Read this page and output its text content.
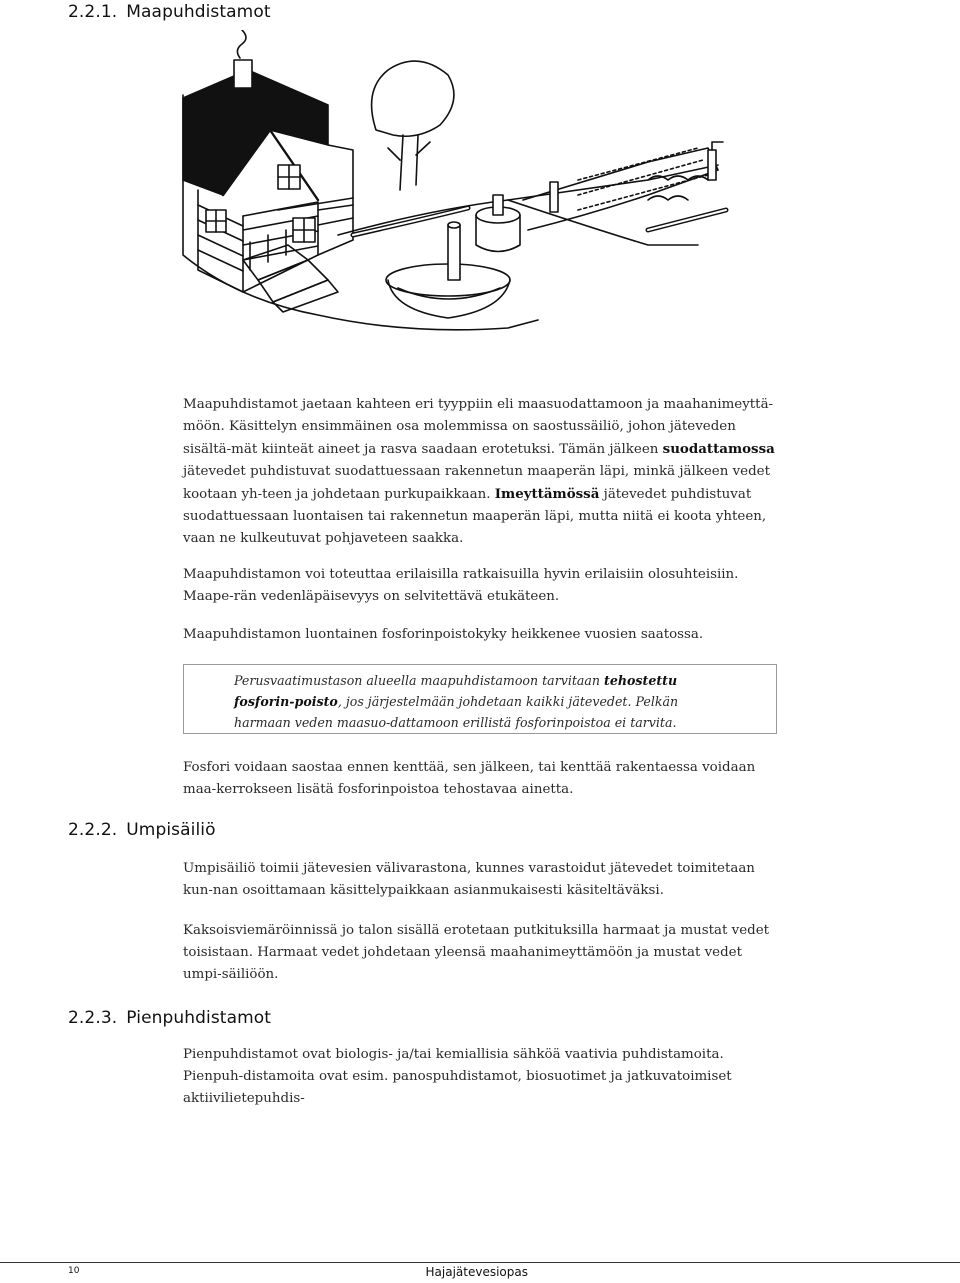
2.2.1. Maapuhdistamot

Maapuhdistamot jaetaan kahteen eri tyyppiin eli maasuodattamoon ja maahanimeyttä-möön. Käsittelyn ensimmäinen osa molemmissa on saostussäiliö, johon jäteveden sisältä-mät kiinteät aineet ja rasva saadaan erotetuksi. Tämän jälkeen suodattamossa jätevedet puhdistuvat suodattuessaan rakennetun maaperän läpi, minkä jälkeen vedet kootaan yh-teen ja johdetaan purkupaikkaan. Imeyttämössä jätevedet puhdistuvat suodattuessaan luontaisen tai rakennetun maaperän läpi, mutta niitä ei koota yhteen, vaan ne kulkeutuvat pohjaveteen saakka.

Maapuhdistamon voi toteuttaa erilaisilla ratkaisuilla hyvin erilaisiin olosuhteisiin. Maape-rän vedenläpäisevyys on selvitettävä etukäteen.

Maapuhdistamon luontainen fosforinpoistokyky heikkenee vuosien saatossa.

Perusvaatimustason alueella maapuhdistamoon tarvitaan tehostettu fosforin-poisto, jos järjestelmään johdetaan kaikki jätevedet. Pelkän harmaan veden maasuo-dattamoon erillistä fosforinpoistoa ei tarvita.

Fosfori voidaan saostaa ennen kenttää, sen jälkeen, tai kenttää rakentaessa voidaan maa-kerrokseen lisätä fosforinpoistoa tehostavaa ainetta.

2.2.2. Umpisäiliö

Umpisäiliö toimii jätevesien välivarastona, kunnes varastoidut jätevedet toimitetaan kun-nan osoittamaan käsittelypaikkaan asianmukaisesti käsiteltäväksi.

Kaksoisviemäröinnissä jo talon sisällä erotetaan putkituksilla harmaat ja mustat vedet toisistaan. Harmaat vedet johdetaan yleensä maahanimeyttämöön ja mustat vedet umpi-säiliöön.

2.2.3. Pienpuhdistamot

Pienpuhdistamot ovat biologis- ja/tai kemiallisia sähköä vaativia puhdistamoita. Pienpuh-distamoita ovat esim. panospuhdistamot, biosuotimet ja jatkuvatoimiset aktiivilietepuhdis-

10	Hajajätevesiopas
